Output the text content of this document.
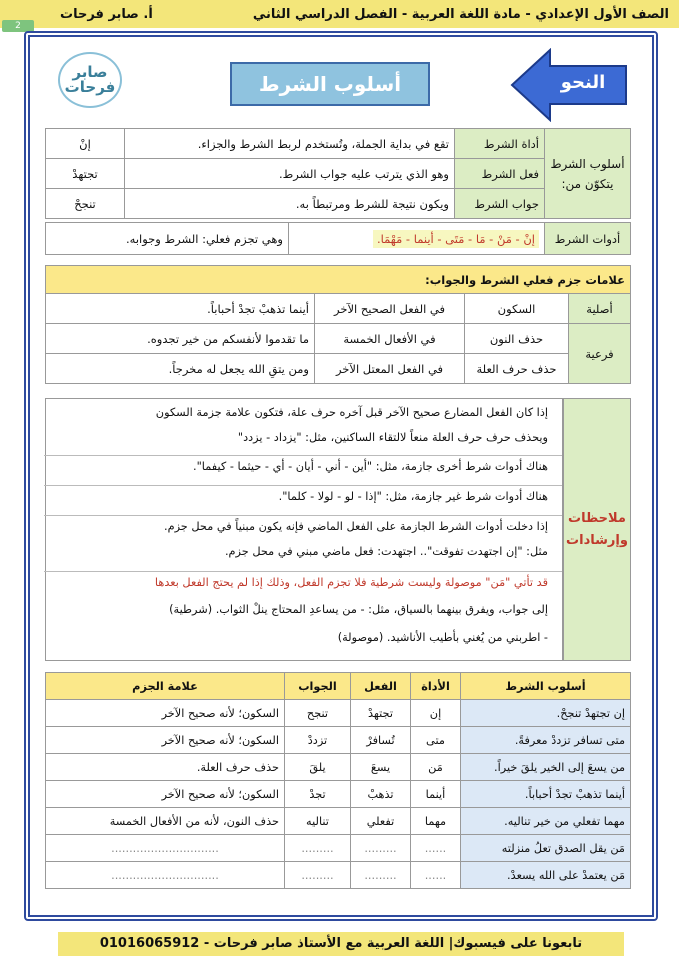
الصف الأول الإعدادي - مادة اللغة العربية - الفصل الدراسي الثاني
أ. صابر فرحات
2
صابر
فرحات	أسلوب الشرط	النحو
أسلوب الشرط يتكوّن من:	أداة الشرط	تقع في بداية الجملة، وتُستخدم لربط الشرط والجزاء.	إنْ
	فعل الشرط	وهو الذي يترتب عليه جواب الشرط.	تجتهدْ
	جواب الشرط	ويكون نتيجة للشرط ومرتبطاً به.	تنجحْ
أدوات الشرط	إنْ - مَنْ - مَا - مَتَى - أينما - مَهْمَا.	وهي تجزم فعلي: الشرط وجوابه.
علامات جزم فعلي الشرط والجواب:			
أصلية	السكون	في الفعل الصحيح الآخر	أينما تذهبْ تجدْ أحباباً.
فرعية	حذف النون	في الأفعال الخمسة	ما تقدموا لأنفسكم من خير تجدوه.
	حذف حرف العلة	في الفعل المعتل الآخر	ومن يتقِ الله يجعل له مخرجاً.
ملاحظات وإرشادات
إذا كان الفعل المضارع صحيح الآخر قبل آخره حرف علة، فتكون علامة جزمة السكون
ويحذف حرف حرف العلة منعاً لالتقاء الساكنين، مثل: "يزداد - يزدد"
هناك أدوات شرط أخرى جازمة، مثل: "أين - أني - أيان - أي - حيثما - كيفما".
هناك أدوات شرط غير جازمة، مثل: "إذا - لو - لولا - كلما".
إذا دخلت أدوات الشرط الجازمة على الفعل الماضي فإنه يكون مبنياً في محل جزم.
مثل: "إن اجتهدت تفوقت".. اجتهدت: فعل ماضي مبني في محل جزم.
قد تأتي "مَن" موصولة وليست شرطية فلا تجزم الفعل، وذلك إذا لم يحتج الفعل بعدها
إلى جواب، ويفرق بينهما بالسياق، مثل: - من يساعدِ المحتاج ينلْ الثواب. (شرطية)
- اطربني من يُغني بأطيب الأناشيد. (موصولة)
أسلوب الشرط	الأداة	الفعل	الجواب	علامة الجزم
إن تجتهدْ تنجحْ.	إن	تجتهدْ	تنجح	السكون؛ لأنه صحيح الآخر
متى تسافر تزددْ معرفةً.	متى	تُسافرْ	تزددْ	السكون؛ لأنه صحيح الآخر
من يسعَ إلى الخير يلقَ خيراً.	مَن	يسعَ	يلقَ	حذف حرف العلة.
أينما تذهبْ تجدْ أحباباً.	أينما	تذهبْ	تجدْ	السكون؛ لأنه صحيح الآخر
مهما تفعلي من خير تناليه.	مهما	تفعلي	تناليه	حذف النون، لأنه من الأفعال الخمسة
مَن يقل الصدق تعلُ منزلته	......	.........	.........	..............................
مَن يعتمدْ على الله يسعدْ.	......	.........	.........	..............................
تابعونا على فيسبوك| اللغة العربية مع الأستاذ صابر فرحات - 01016065912
